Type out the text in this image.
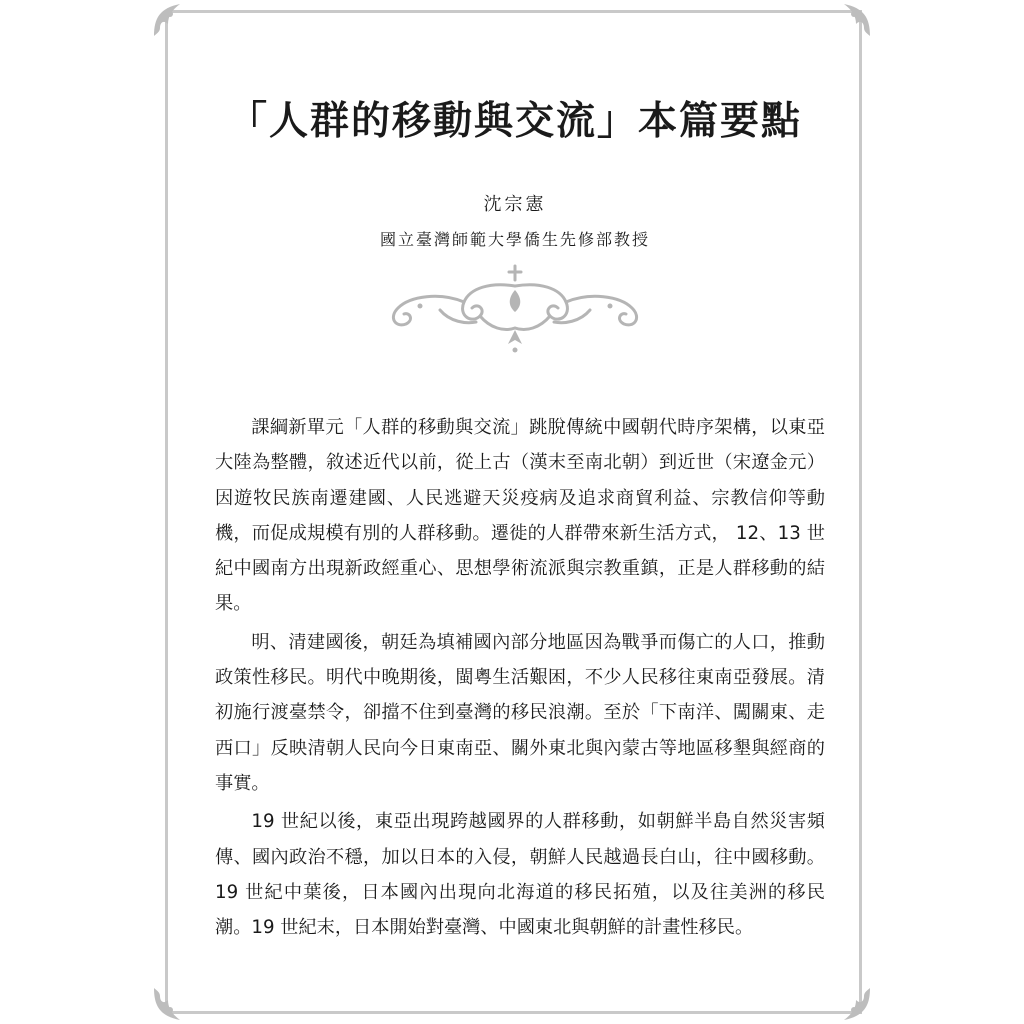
「人群的移動與交流」本篇要點
沈宗憲
國立臺灣師範大學僑生先修部教授

課綱新單元「人群的移動與交流」跳脫傳統中國朝代時序架構，以東亞大陸為整體，敘述近代以前，從上古（漢末至南北朝）到近世（宋遼金元）因遊牧民族南遷建國、人民逃避天災疫病及追求商貿利益、宗教信仰等動機，而促成規模有別的人群移動。遷徙的人群帶來新生活方式， 12、13 世紀中國南方出現新政經重心、思想學術流派與宗教重鎮，正是人群移動的結果。

明、清建國後，朝廷為填補國內部分地區因為戰爭而傷亡的人口，推動政策性移民。明代中晚期後，閩粵生活艱困，不少人民移往東南亞發展。清初施行渡臺禁令，卻擋不住到臺灣的移民浪潮。至於「下南洋、闖關東、走西口」反映清朝人民向今日東南亞、關外東北與內蒙古等地區移墾與經商的事實。

19 世紀以後，東亞出現跨越國界的人群移動，如朝鮮半島自然災害頻傳、國內政治不穩，加以日本的入侵，朝鮮人民越過長白山，往中國移動。19 世紀中葉後，日本國內出現向北海道的移民拓殖，以及往美洲的移民潮。19 世紀末，日本開始對臺灣、中國東北與朝鮮的計畫性移民。
